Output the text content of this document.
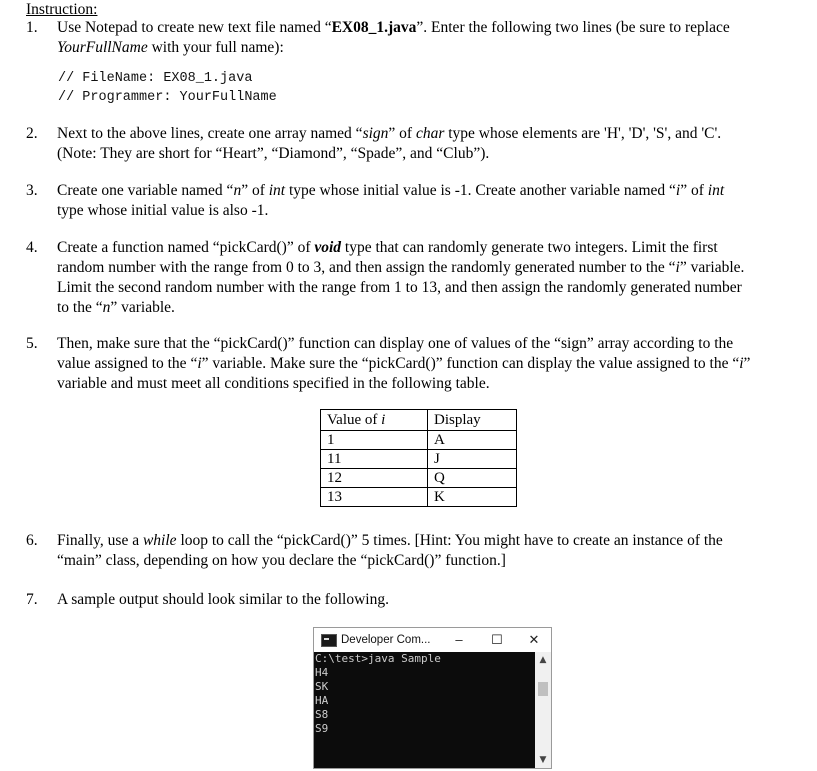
Instruction:
1.	Use Notepad to create new text file named “EX08_1.java”. Enter the following two lines (be sure to replace
YourFullName with your full name):
// FileName: EX08_1.java
// Programmer: YourFullName
2.	Next to the above lines, create one array named “sign” of char type whose elements are 'H', 'D', 'S', and 'C'.
(Note: They are short for “Heart”, “Diamond”, “Spade”, and “Club”).
3.	Create one variable named “n” of int type whose initial value is -1. Create another variable named “i” of int
type whose initial value is also -1.
4.	Create a function named “pickCard()” of void type that can randomly generate two integers. Limit the first
random number with the range from 0 to 3, and then assign the randomly generated number to the “i” variable.
Limit the second random number with the range from 1 to 13, and then assign the randomly generated number
to the “n” variable.
5.	Then, make sure that the “pickCard()” function can display one of values of the “sign” array according to the
value assigned to the “i” variable. Make sure the “pickCard()” function can display the value assigned to the “i”
variable and must meet all conditions specified in the following table.
Value of i	Display
1	A
11	J
12	Q
13	K
6.	Finally, use a while loop to call the “pickCard()” 5 times. [Hint: You might have to create an instance of the
“main” class, depending on how you declare the “pickCard()” function.]
7.	A sample output should look similar to the following.
Developer Com...	–	☐	✕
C:\test>java Sample
H4
SK
HA
S8
S9
▲
▼
